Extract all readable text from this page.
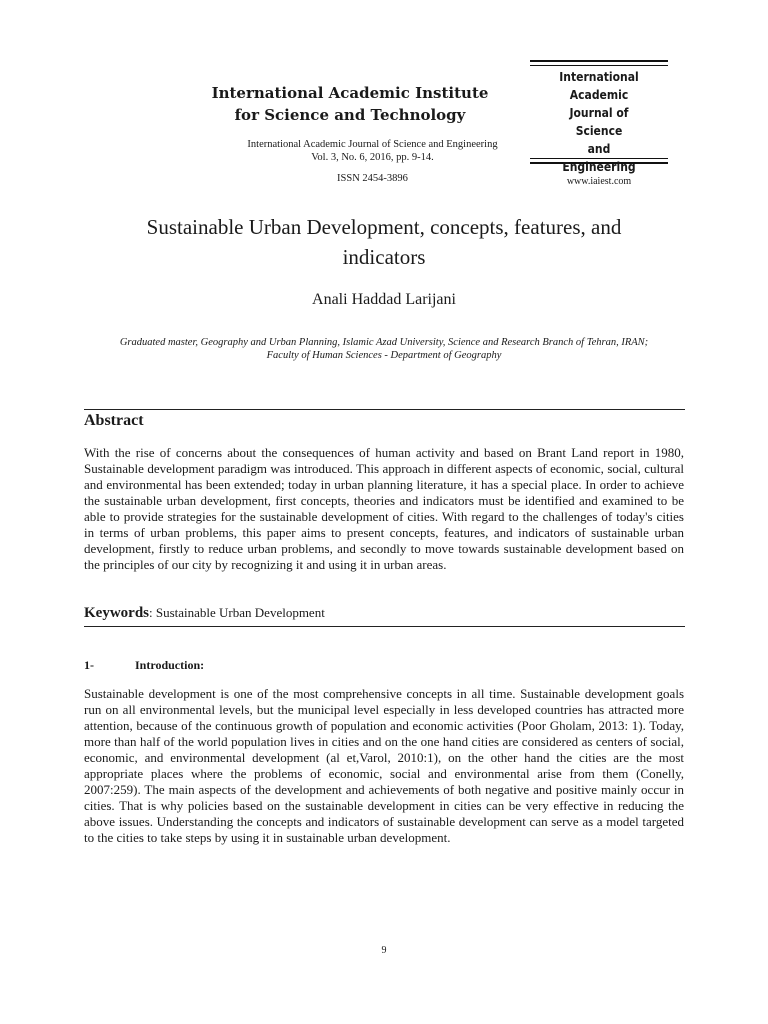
International Academic Institute
for Science and Technology
International Academic Journal of Science and Engineering
Vol. 3, No. 6, 2016, pp. 9-14.
ISSN 2454-3896
International Academic
Journal of
Science
and
Engineering
www.iaiest.com
Sustainable Urban Development, concepts, features, and
indicators
Anali Haddad Larijani
Graduated master, Geography and Urban Planning, Islamic Azad University, Science and Research Branch of Tehran, IRAN;
Faculty of Human Sciences - Department of Geography
Abstract
With the rise of concerns about the consequences of human activity and based on Brant Land report in 1980, Sustainable development paradigm was introduced. This approach in different aspects of economic, social, cultural and environmental has been extended; today in urban planning literature, it has a special place. In order to achieve the sustainable urban development, first concepts, theories and indicators must be identified and examined to be able to provide strategies for the sustainable development of cities. With regard to the challenges of today's cities in terms of urban problems, this paper aims to present concepts, features, and indicators of sustainable urban development, firstly to reduce urban problems, and secondly to move towards sustainable development based on the principles of our city by recognizing it and using it in urban areas.
Keywords: Sustainable Urban Development
1-	Introduction:
Sustainable development is one of the most comprehensive concepts in all time. Sustainable development goals run on all environmental levels, but the municipal level especially in less developed countries has attracted more attention, because of the continuous growth of population and economic activities (Poor Gholam, 2013: 1). Today, more than half of the world population lives in cities and on the one hand cities are considered as centers of social, economic, and environmental development (al et,Varol, 2010:1), on the other hand the cities are the most appropriate places where the problems of economic, social and environmental arise from them (Conelly, 2007:259). The main aspects of the development and achievements of both negative and positive mainly occur in cities. That is why policies based on the sustainable development in cities can be very effective in reducing the above issues. Understanding the concepts and indicators of sustainable development can serve as a model targeted to the cities to take steps by using it in sustainable urban development.
9
